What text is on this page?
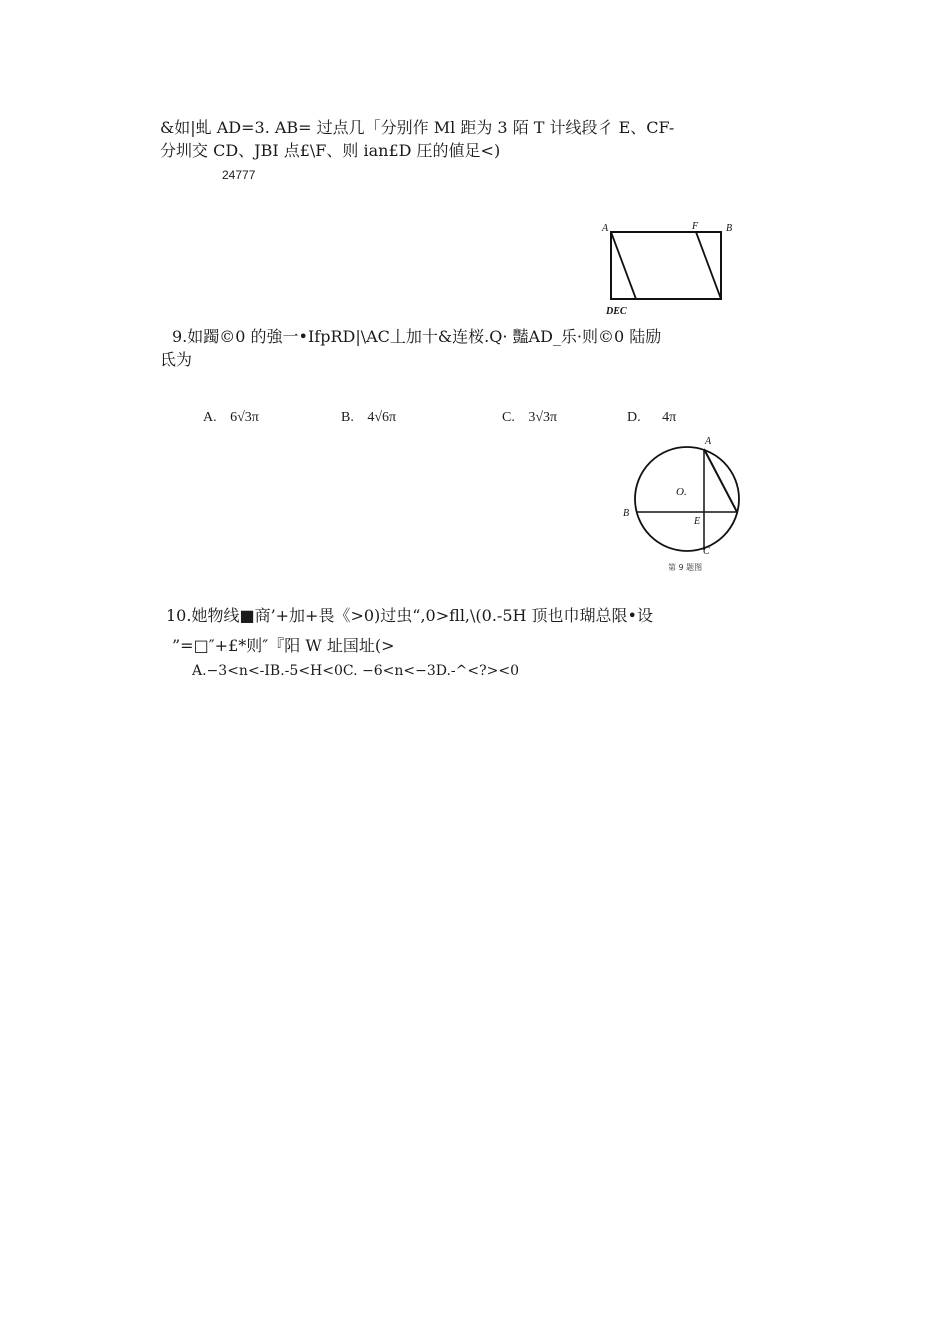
&如|虬 AD=3. AB= 过点几「分别作 Ml 距为 3 陌 T 计线段彳 E、CF-
分圳交 CD、JBI 点£\F、则 ian£D 圧的値足<)
24777
A	F	B
DEC
9.如躅©0 的強一•IfpRD|\AC丄加十&连桜.Q· 豔AD_乐·则©0 陆励
氐为
A. 6√3π	B. 4√6π	C. 3√3π	D. 4π
A
O.
B
E
C
第 9 题图
10.她物线■商’+加+畏《>0)过虫“,0>fll,\(0.-5H 顶也巾瑚总限•设
”=□″+£*则″『阳 W 址国址(>
A.−3<n<-IB.-5<H<0C. −6<n<−3D.-^<?><0
